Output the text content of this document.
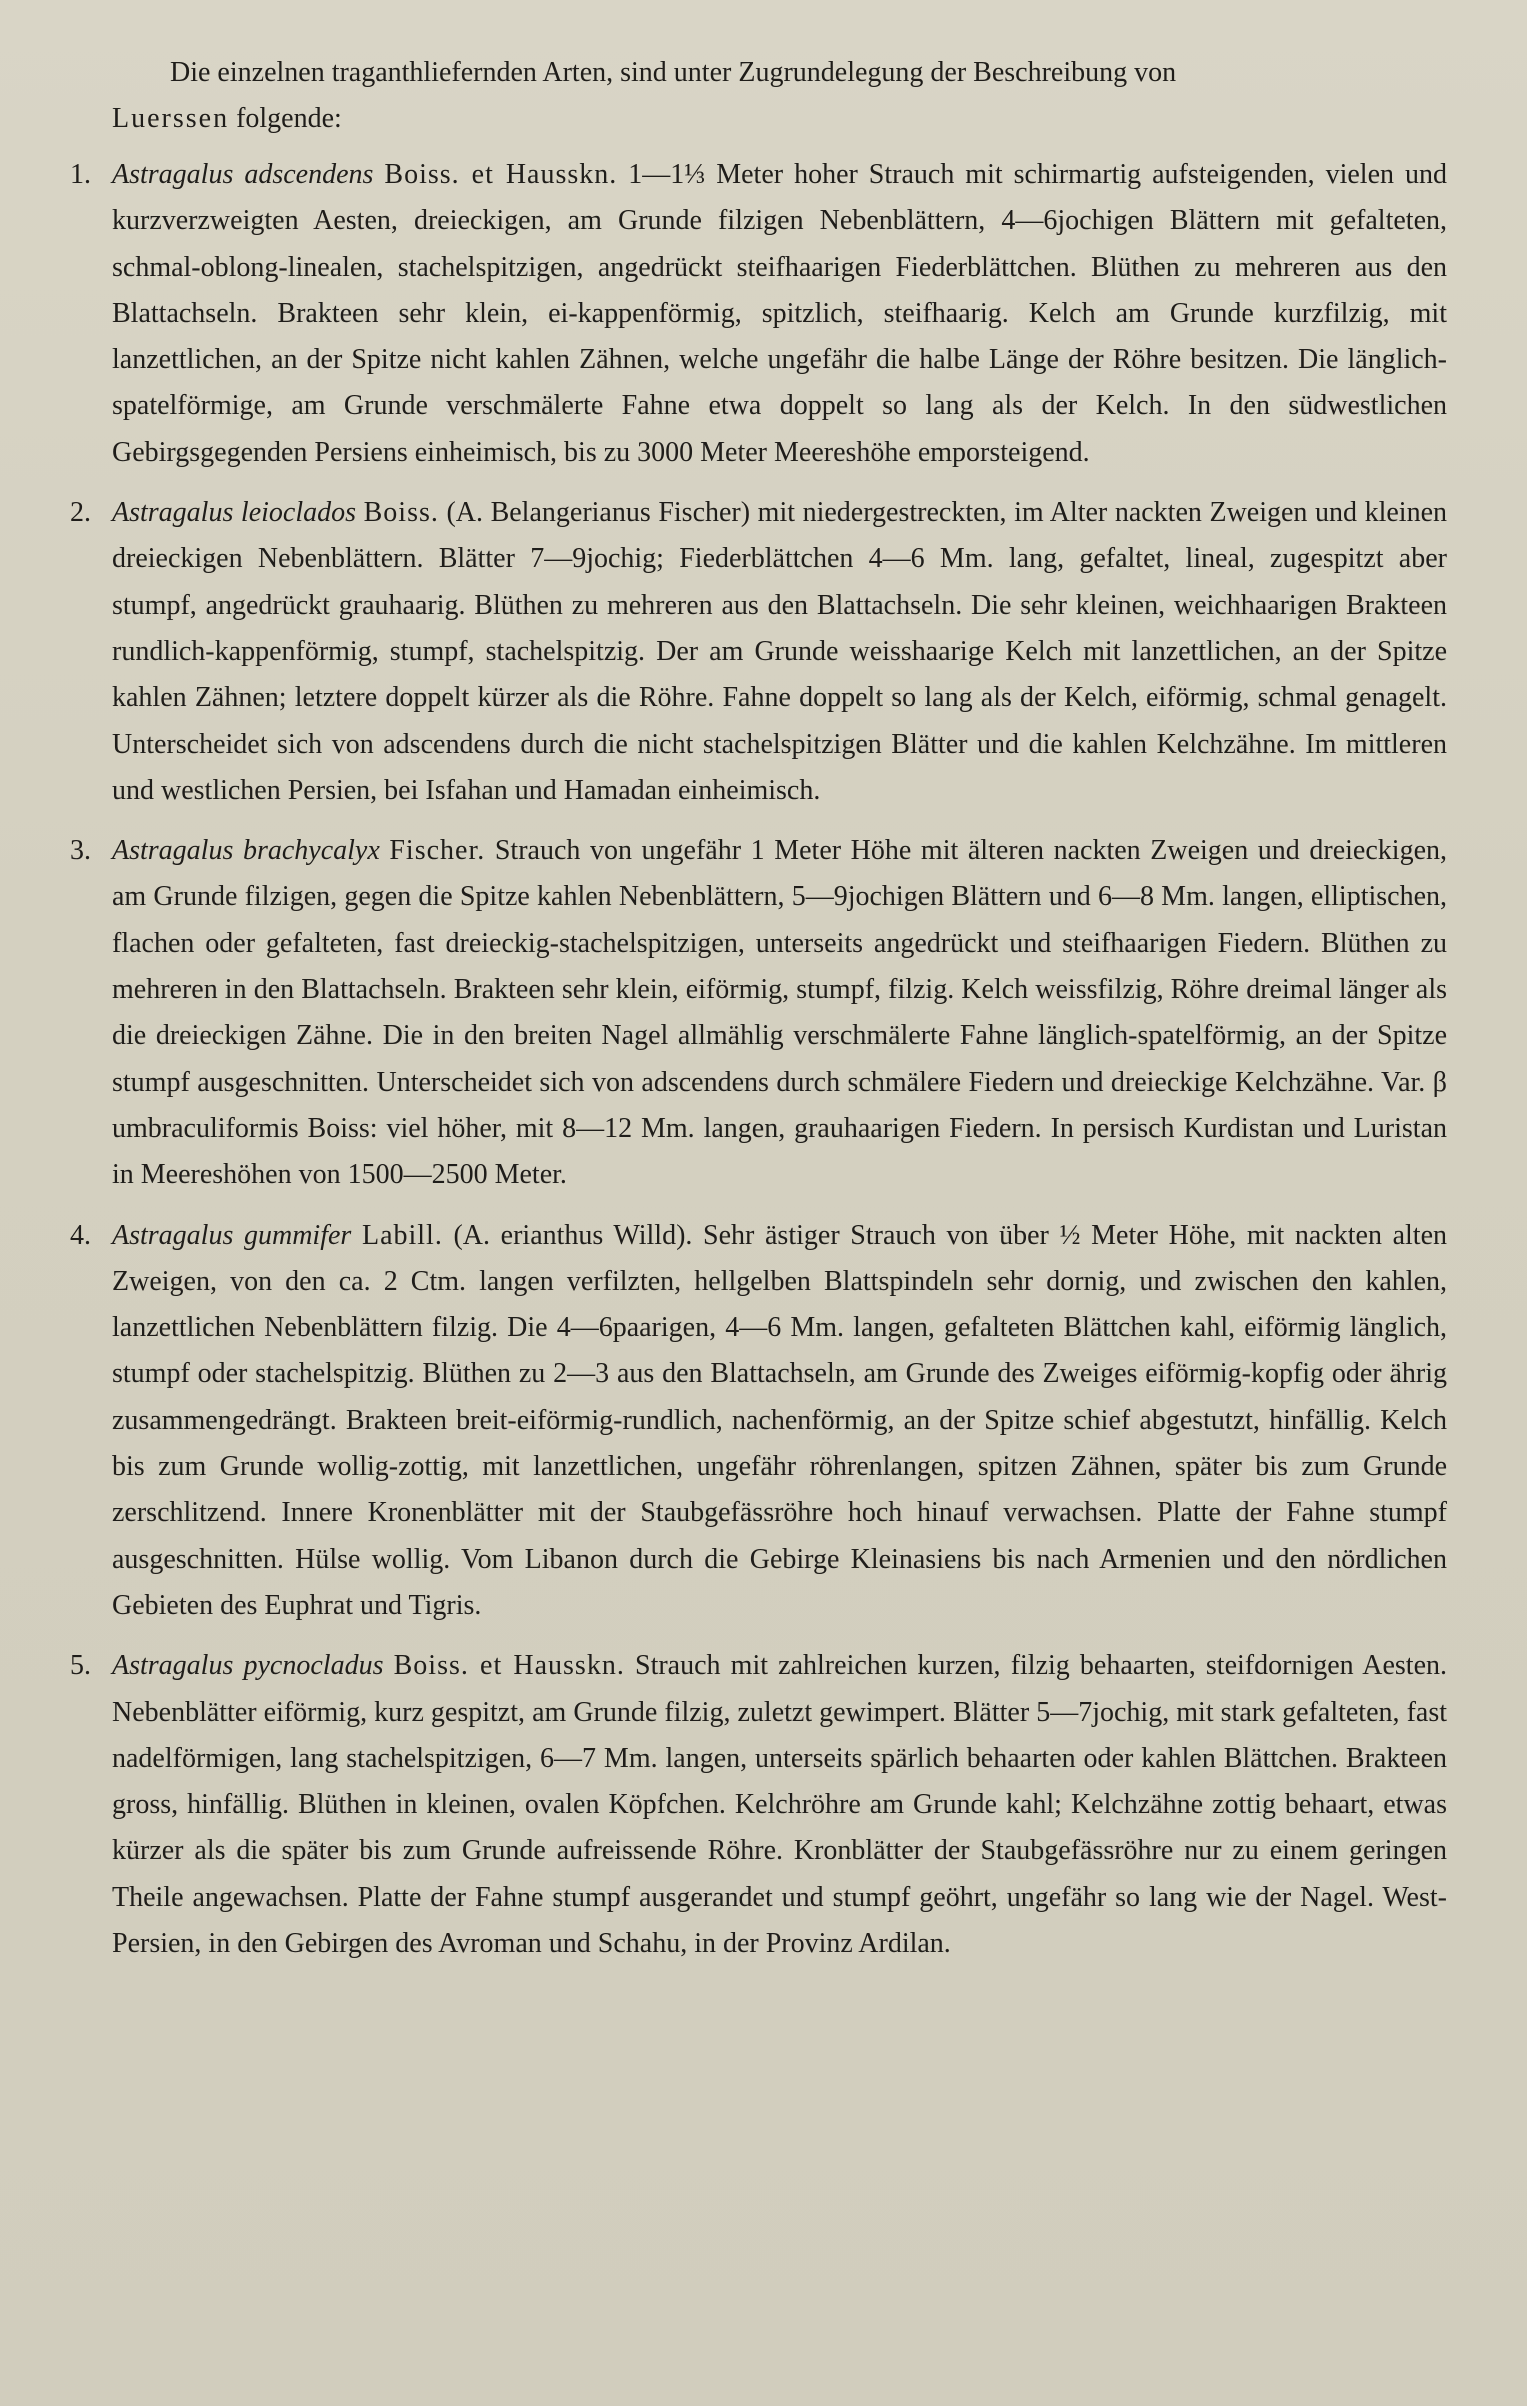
Die einzelnen traganthliefernden Arten, sind unter Zugrundelegung der Beschreibung von
Luerssen folgende:

1. Astragalus adscendens Boiss. et Hausskn. 1—1⅓ Meter hoher Strauch mit schirmartig aufsteigenden, vielen und kurzverzweigten Aesten, dreieckigen, am Grunde filzigen Nebenblättern, 4—6jochigen Blättern mit gefalteten, schmal-oblong-linealen, stachelspitzigen, angedrückt steifhaarigen Fiederblättchen. Blüthen zu mehreren aus den Blattachseln. Brakteen sehr klein, ei-kappenförmig, spitzlich, steifhaarig. Kelch am Grunde kurzfilzig, mit lanzettlichen, an der Spitze nicht kahlen Zähnen, welche ungefähr die halbe Länge der Röhre besitzen. Die länglich-spatelförmige, am Grunde verschmälerte Fahne etwa doppelt so lang als der Kelch. In den südwestlichen Gebirgsgegenden Persiens einheimisch, bis zu 3000 Meter Meereshöhe emporsteigend.
2. Astragalus leioclados Boiss. (A. Belangerianus Fischer) mit niedergestreckten, im Alter nackten Zweigen und kleinen dreieckigen Nebenblättern. Blätter 7—9jochig; Fiederblättchen 4—6 Mm. lang, gefaltet, lineal, zugespitzt aber stumpf, angedrückt grauhaarig. Blüthen zu mehreren aus den Blattachseln. Die sehr kleinen, weichhaarigen Brakteen rundlich-kappenförmig, stumpf, stachelspitzig. Der am Grunde weisshaarige Kelch mit lanzettlichen, an der Spitze kahlen Zähnen; letztere doppelt kürzer als die Röhre. Fahne doppelt so lang als der Kelch, eiförmig, schmal genagelt. Unterscheidet sich von adscendens durch die nicht stachelspitzigen Blätter und die kahlen Kelchzähne. Im mittleren und westlichen Persien, bei Isfahan und Hamadan einheimisch.
3. Astragalus brachycalyx Fischer. Strauch von ungefähr 1 Meter Höhe mit älteren nackten Zweigen und dreieckigen, am Grunde filzigen, gegen die Spitze kahlen Nebenblättern, 5—9jochigen Blättern und 6—8 Mm. langen, elliptischen, flachen oder gefalteten, fast dreieckig-stachelspitzigen, unterseits angedrückt und steifhaarigen Fiedern. Blüthen zu mehreren in den Blattachseln. Brakteen sehr klein, eiförmig, stumpf, filzig. Kelch weissfilzig, Röhre dreimal länger als die dreieckigen Zähne. Die in den breiten Nagel allmählig verschmälerte Fahne länglich-spatelförmig, an der Spitze stumpf ausgeschnitten. Unterscheidet sich von adscendens durch schmälere Fiedern und dreieckige Kelchzähne. Var. β umbraculiformis Boiss: viel höher, mit 8—12 Mm. langen, grauhaarigen Fiedern. In persisch Kurdistan und Luristan in Meereshöhen von 1500—2500 Meter.
4. Astragalus gummifer Labill. (A. erianthus Willd). Sehr ästiger Strauch von über ½ Meter Höhe, mit nackten alten Zweigen, von den ca. 2 Ctm. langen verfilzten, hellgelben Blattspindeln sehr dornig, und zwischen den kahlen, lanzettlichen Nebenblättern filzig. Die 4—6paarigen, 4—6 Mm. langen, gefalteten Blättchen kahl, eiförmig länglich, stumpf oder stachelspitzig. Blüthen zu 2—3 aus den Blattachseln, am Grunde des Zweiges eiförmig-kopfig oder ährig zusammengedrängt. Brakteen breit-eiförmig-rundlich, nachenförmig, an der Spitze schief abgestutzt, hinfällig. Kelch bis zum Grunde wollig-zottig, mit lanzettlichen, ungefähr röhrenlangen, spitzen Zähnen, später bis zum Grunde zerschlitzend. Innere Kronenblätter mit der Staubgefässröhre hoch hinauf verwachsen. Platte der Fahne stumpf ausgeschnitten. Hülse wollig. Vom Libanon durch die Gebirge Kleinasiens bis nach Armenien und den nördlichen Gebieten des Euphrat und Tigris.
5. Astragalus pycnocladus Boiss. et Hausskn. Strauch mit zahlreichen kurzen, filzig behaarten, steifdornigen Aesten. Nebenblätter eiförmig, kurz gespitzt, am Grunde filzig, zuletzt gewimpert. Blätter 5—7jochig, mit stark gefalteten, fast nadelförmigen, lang stachelspitzigen, 6—7 Mm. langen, unterseits spärlich behaarten oder kahlen Blättchen. Brakteen gross, hinfällig. Blüthen in kleinen, ovalen Köpfchen. Kelchröhre am Grunde kahl; Kelchzähne zottig behaart, etwas kürzer als die später bis zum Grunde aufreissende Röhre. Kronblätter der Staubgefässröhre nur zu einem geringen Theile angewachsen. Platte der Fahne stumpf ausgerandet und stumpf geöhrt, ungefähr so lang wie der Nagel. West-Persien, in den Gebirgen des Avroman und Schahu, in der Provinz Ardilan.
